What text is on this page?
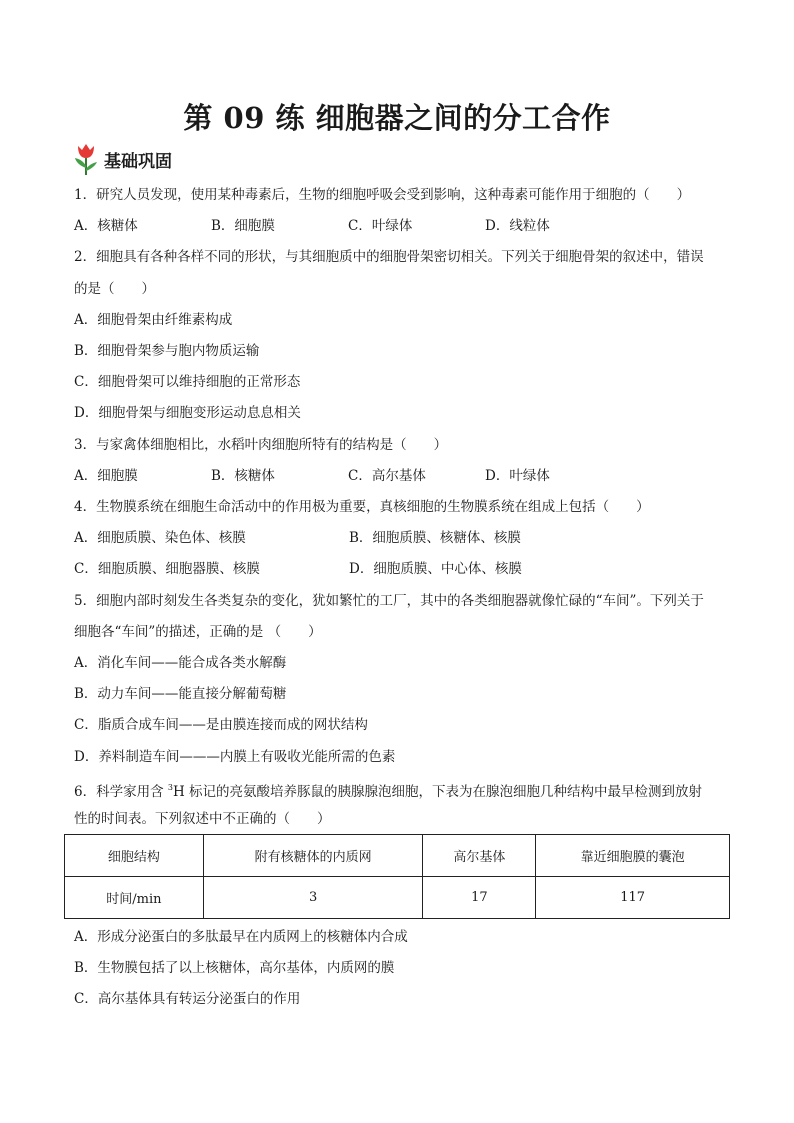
第 09 练 细胞器之间的分工合作
基础巩固
1．研究人员发现，使用某种毒素后，生物的细胞呼吸会受到影响，这种毒素可能作用于细胞的（　　）
A．核糖体	B．细胞膜	C．叶绿体	D．线粒体
2．细胞具有各种各样不同的形状，与其细胞质中的细胞骨架密切相关。下列关于细胞骨架的叙述中，错误
的是（　　）
A．细胞骨架由纤维素构成
B．细胞骨架参与胞内物质运输
C．细胞骨架可以维持细胞的正常形态
D．细胞骨架与细胞变形运动息息相关
3．与家禽体细胞相比，水稻叶肉细胞所特有的结构是（　　）
A．细胞膜	B．核糖体	C．高尔基体	D．叶绿体
4．生物膜系统在细胞生命活动中的作用极为重要，真核细胞的生物膜系统在组成上包括（　　）
A．细胞质膜、染色体、核膜	B．细胞质膜、核糖体、核膜
C．细胞质膜、细胞器膜、核膜	D．细胞质膜、中心体、核膜
5．细胞内部时刻发生各类复杂的变化，犹如繁忙的工厂，其中的各类细胞器就像忙碌的“车间”。下列关于
细胞各“车间”的描述，正确的是 （　　）
A．消化车间——能合成各类水解酶
B．动力车间——能直接分解葡萄糖
C．脂质合成车间——是由膜连接而成的网状结构
D．养料制造车间———内膜上有吸收光能所需的色素
6．科学家用含 $^3$H 标记的亮氨酸培养豚鼠的胰腺腺泡细胞，下表为在腺泡细胞几种结构中最早检测到放射
性的时间表。下列叙述中不正确的（　　）
细胞结构	附有核糖体的内质网	高尔基体	靠近细胞膜的囊泡
时间/min	3	17	117
A．形成分泌蛋白的多肽最早在内质网上的核糖体内合成
B．生物膜包括了以上核糖体，高尔基体，内质网的膜
C．高尔基体具有转运分泌蛋白的作用
